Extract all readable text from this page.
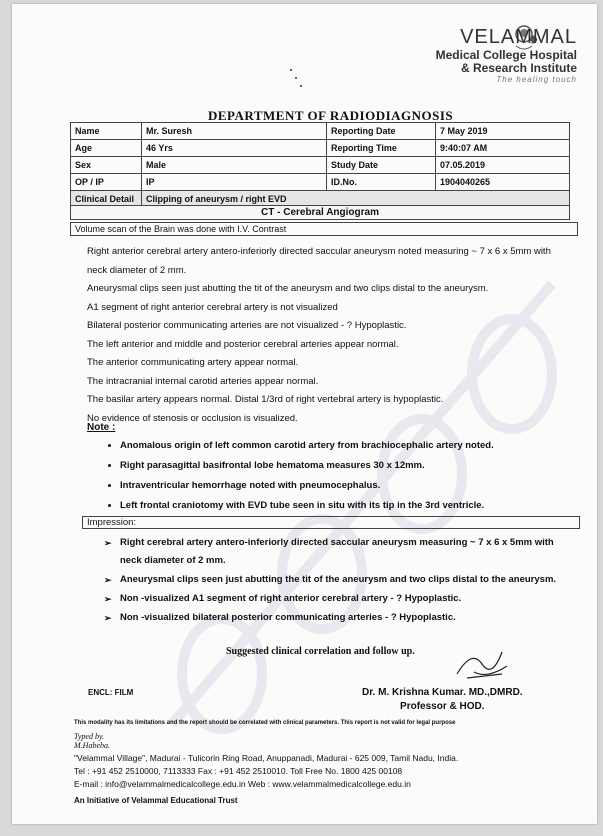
VELAMMAL
Medical College Hospital
& Research Institute
The healing touch
DEPARTMENT OF RADIODIAGNOSIS
Name	Mr. Suresh	Reporting Date	7 May 2019
Age	46 Yrs	Reporting Time	9:40:07 AM
Sex	Male	Study Date	07.05.2019
OP / IP	IP	ID.No.	1904040265
Clinical Detail	Clipping of aneurysm / right EVD		
CT - Cerebral Angiogram
Volume scan of the Brain was done with I.V. Contrast

Right anterior cerebral artery antero-inferiorly directed saccular aneurysm noted measuring ~ 7 x 6 x 5mm with neck diameter of 2 mm.

Aneurysmal clips seen just abutting the tit of the aneurysm and two clips distal to the aneurysm.

A1 segment of right anterior cerebral artery is not visualized

Bilateral posterior communicating arteries are not visualized - ? Hypoplastic.

The left anterior and middle and posterior cerebral arteries appear normal.

The anterior communicating artery appear normal.

The intracranial internal carotid arteries appear normal.

The basilar artery appears normal. Distal 1/3rd of right vertebral artery is hypoplastic.

No evidence of stenosis or occlusion is visualized.

Note :
• Anomalous origin of left common carotid artery from brachiocephalic artery noted.
• Right parasagittal basifrontal lobe hematoma measures 30 x 12mm.
• Intraventricular hemorrhage noted with pneumocephalus.
• Left frontal craniotomy with EVD tube seen in situ with its tip in the 3rd ventricle.
Impression:
➢ Right cerebral artery antero-inferiorly directed saccular aneurysm measuring ~ 7 x 6 x 5mm with neck diameter of 2 mm.
➢ Aneurysmal clips seen just abutting the tit of the aneurysm and two clips distal to the aneurysm.
➢ Non -visualized A1 segment of right anterior cerebral artery - ? Hypoplastic.
➢ Non -visualized bilateral posterior communicating arteries - ? Hypoplastic.
Suggested clinical correlation and follow up.
ENCL: FILM	Dr. M. Krishna Kumar. MD.,DMRD.
Professor & HOD.
This modality has its limitations and the report should be correlated with clinical parameters. This report is not valid for legal purpose
Typed by.
M.Habeba.
"Velammal Village", Madurai - Tulicorin Ring Road, Anuppanadi, Madurai - 625 009, Tamil Nadu, India.
Tel : +91 452 2510000, 7113333 Fax : +91 452 2510010. Toll Free No. 1800 425 00108
E-mail : info@velammalmedicalcollege.edu.in Web : www.velammalmedicalcollege.edu.in
An Initiative of Velammal Educational Trust
